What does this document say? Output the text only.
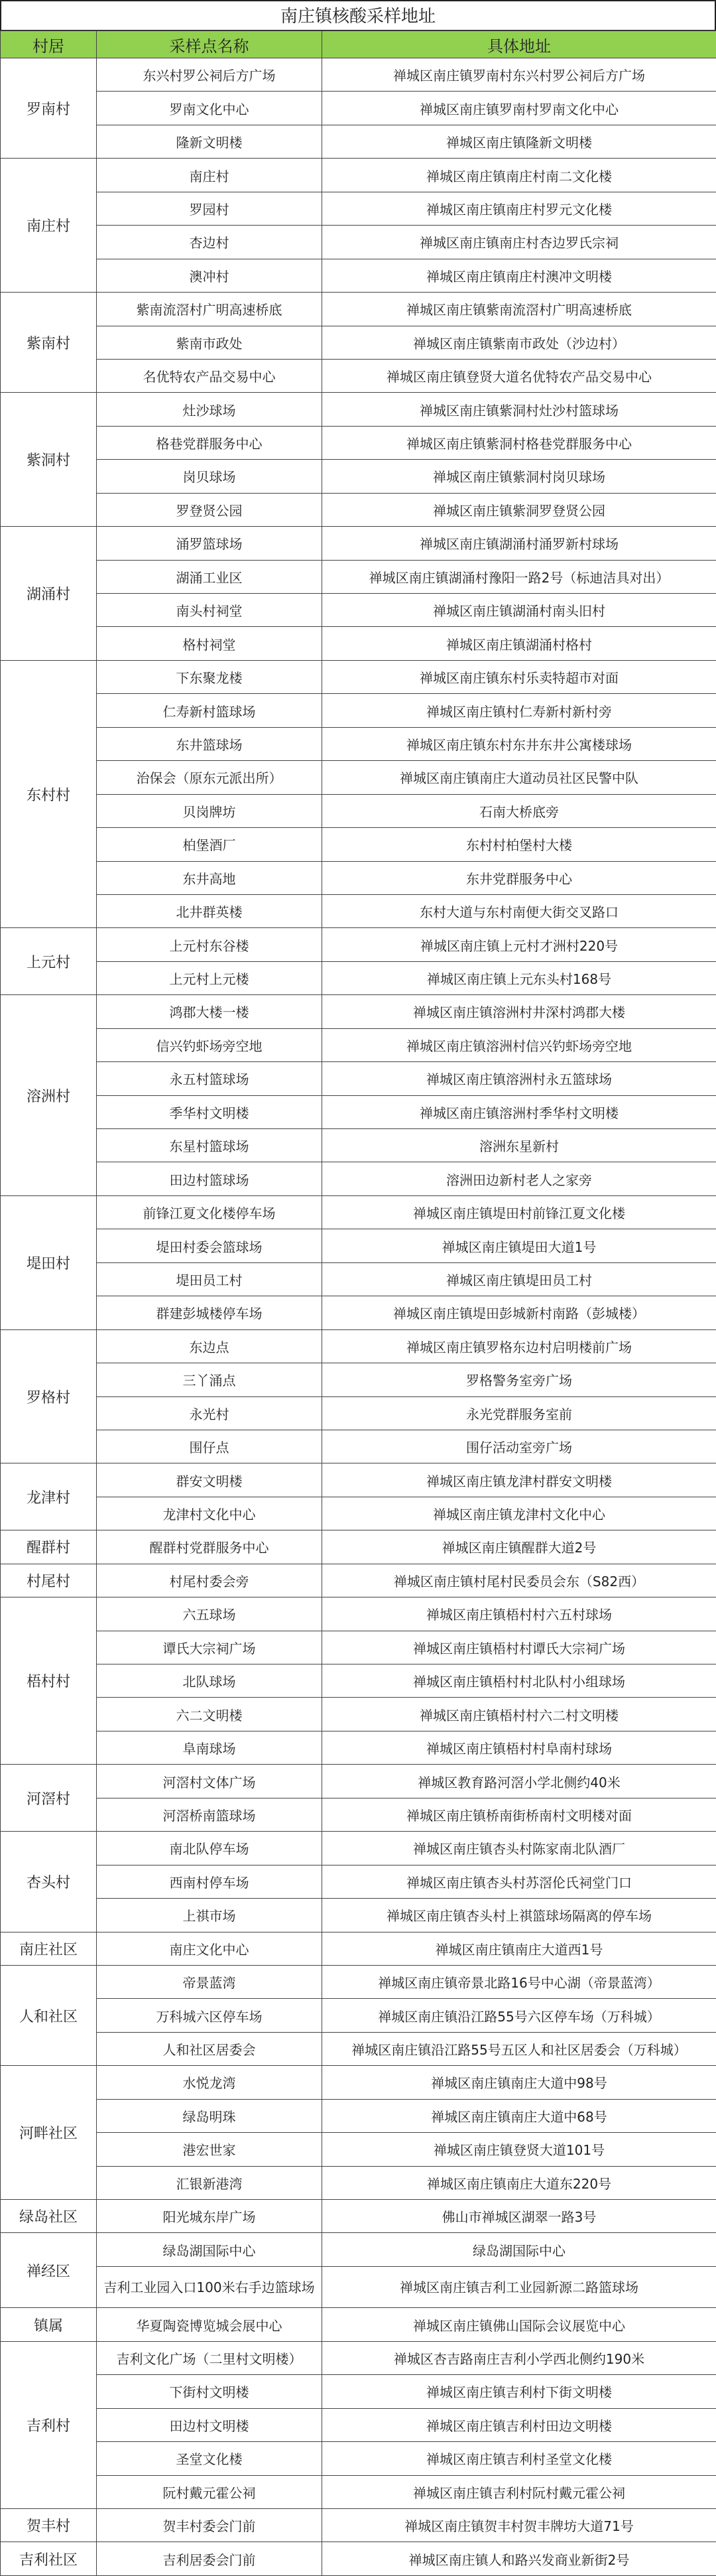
南庄镇核酸采样地址
村居	采样点名称	具体地址
罗南村	东兴村罗公祠后方广场	禅城区南庄镇罗南村东兴村罗公祠后方广场
	罗南文化中心	禅城区南庄镇罗南村罗南文化中心
	隆新文明楼	禅城区南庄镇隆新文明楼
南庄村	南庄村	禅城区南庄镇南庄村南二文化楼
	罗园村	禅城区南庄镇南庄村罗元文化楼
	杏边村	禅城区南庄镇南庄村杏边罗氏宗祠
	澳冲村	禅城区南庄镇南庄村澳冲文明楼
紫南村	紫南流滘村广明高速桥底	禅城区南庄镇紫南流滘村广明高速桥底
	紫南市政处	禅城区南庄镇紫南市政处（沙边村）
	名优特农产品交易中心	禅城区南庄镇登贤大道名优特农产品交易中心
紫洞村	灶沙球场	禅城区南庄镇紫洞村灶沙村篮球场
	格巷党群服务中心	禅城区南庄镇紫洞村格巷党群服务中心
	岗贝球场	禅城区南庄镇紫洞村岗贝球场
	罗登贤公园	禅城区南庄镇紫洞罗登贤公园
湖涌村	涌罗篮球场	禅城区南庄镇湖涌村涌罗新村球场
	湖涌工业区	禅城区南庄镇湖涌村豫阳一路2号（标迪洁具对出）
	南头村祠堂	禅城区南庄镇湖涌村南头旧村
	格村祠堂	禅城区南庄镇湖涌村格村
东村村	下东聚龙楼	禅城区南庄镇东村乐卖特超市对面
	仁寿新村篮球场	禅城区南庄镇村仁寿新村新村旁
	东井篮球场	禅城区南庄镇东村东井东井公寓楼球场
	治保会（原东元派出所）	禅城区南庄镇南庄大道动员社区民警中队
	贝岗牌坊	石南大桥底旁
	柏堡酒厂	东村村柏堡村大楼
	东井高地	东井党群服务中心
	北井群英楼	东村大道与东村南便大街交叉路口
上元村	上元村东谷楼	禅城区南庄镇上元村才洲村220号
	上元村上元楼	禅城区南庄镇上元东头村168号
溶洲村	鸿郡大楼一楼	禅城区南庄镇溶洲村井深村鸿郡大楼
	信兴钓虾场旁空地	禅城区南庄镇溶洲村信兴钓虾场旁空地
	永五村篮球场	禅城区南庄镇溶洲村永五篮球场
	季华村文明楼	禅城区南庄镇溶洲村季华村文明楼
	东星村篮球场	溶洲东星新村
	田边村篮球场	溶洲田边新村老人之家旁
堤田村	前锋江夏文化楼停车场	禅城区南庄镇堤田村前锋江夏文化楼
	堤田村委会篮球场	禅城区南庄镇堤田大道1号
	堤田员工村	禅城区南庄镇堤田员工村
	群建彭城楼停车场	禅城区南庄镇堤田彭城新村南路（彭城楼）
罗格村	东边点	禅城区南庄镇罗格东边村启明楼前广场
	三丫涌点	罗格警务室旁广场
	永光村	永光党群服务室前
	围仔点	围仔活动室旁广场
龙津村	群安文明楼	禅城区南庄镇龙津村群安文明楼
	龙津村文化中心	禅城区南庄镇龙津村文化中心
醒群村	醒群村党群服务中心	禅城区南庄镇醒群大道2号
村尾村	村尾村委会旁	禅城区南庄镇村尾村民委员会东（S82西）
梧村村	六五球场	禅城区南庄镇梧村村六五村球场
	谭氏大宗祠广场	禅城区南庄镇梧村村谭氏大宗祠广场
	北队球场	禅城区南庄镇梧村村北队村小组球场
	六二文明楼	禅城区南庄镇梧村村六二村文明楼
	阜南球场	禅城区南庄镇梧村村阜南村球场
河滘村	河滘村文体广场	禅城区教育路河滘小学北侧约40米
	河滘桥南篮球场	禅城区南庄镇桥南街桥南村文明楼对面
杏头村	南北队停车场	禅城区南庄镇杏头村陈家南北队酒厂
	西南村停车场	禅城区南庄镇杏头村苏滘伦氏祠堂门口
	上祺市场	禅城区南庄镇杏头村上祺篮球场隔离的停车场
南庄社区	南庄文化中心	禅城区南庄镇南庄大道西1号
人和社区	帝景蓝湾	禅城区南庄镇帝景北路16号中心湖（帝景蓝湾）
	万科城六区停车场	禅城区南庄镇沿江路55号六区停车场（万科城）
	人和社区居委会	禅城区南庄镇沿江路55号五区人和社区居委会（万科城）
河畔社区	水悦龙湾	禅城区南庄镇南庄大道中98号
	绿岛明珠	禅城区南庄镇南庄大道中68号
	港宏世家	禅城区南庄镇登贤大道101号
	汇银新港湾	禅城区南庄镇南庄大道东220号
绿岛社区	阳光城东岸广场	佛山市禅城区湖翠一路3号
禅经区	绿岛湖国际中心	绿岛湖国际中心
	吉利工业园入口100米右手边篮球场	禅城区南庄镇吉利工业园新源二路篮球场
镇属	华夏陶瓷博览城会展中心	禅城区南庄镇佛山国际会议展览中心
吉利村	吉利文化广场（二里村文明楼）	禅城区杏吉路南庄吉利小学西北侧约190米
	下街村文明楼	禅城区南庄镇吉利村下街文明楼
	田边村文明楼	禅城区南庄镇吉利村田边文明楼
	圣堂文化楼	禅城区南庄镇吉利村圣堂文化楼
	阮村戴元霍公祠	禅城区南庄镇吉利村阮村戴元霍公祠
贺丰村	贺丰村委会门前	禅城区南庄镇贺丰村贺丰牌坊大道71号
吉利社区	吉利居委会门前	禅城区南庄镇人和路兴发商业新街2号
